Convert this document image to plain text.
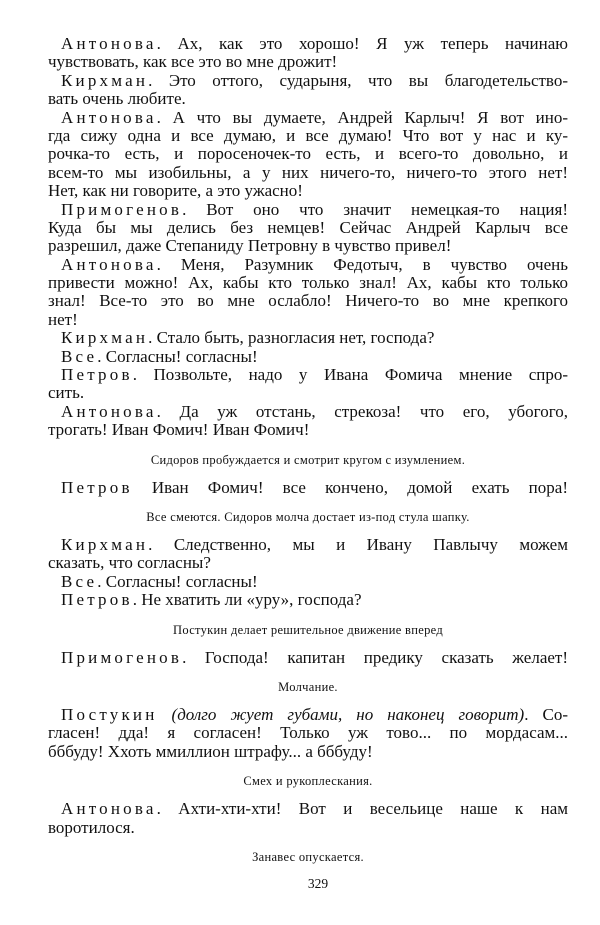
Антонова. Ах, как это хорошо! Я уж теперь начинаю
чувствовать, как все это во мне дрожит!
Кирхман. Это оттого, сударыня, что вы благодетельство-
вать очень любите.
Антонова. А что вы думаете, Андрей Карлыч! Я вот ино-
гда сижу одна и все думаю, и все думаю! Что вот у нас и ку-
рочка-то есть, и поросеночек-то есть, и всего-то довольно, и
всем-то мы изобильны, а у них ничего-то, ничего-то этого нет!
Нет, как ни говорите, а это ужасно!
Примогенов. Вот оно что значит немецкая-то нация!
Куда бы мы делись без немцев! Сейчас Андрей Карлыч все
разрешил, даже Степаниду Петровну в чувство привел!
Антонова. Меня, Разумник Федотыч, в чувство очень
привести можно! Ах, кабы кто только знал! Ах, кабы кто только
знал! Все-то это во мне ослабло! Ничего-то во мне крепкого
нет!
Кирхман. Стало быть, разногласия нет, господа?
Все. Согласны! согласны!
Петров. Позвольте, надо у Ивана Фомича мнение спро-
сить.
Антонова. Да уж отстань, стрекоза! что его, убогого,
трогать! Иван Фомич! Иван Фомич!
Сидоров пробуждается и смотрит кругом с изумлением.
Петров Иван Фомич! все кончено, домой ехать пора!
Все смеются. Сидоров молча достает из-под стула шапку.
Кирхман. Следственно, мы и Ивану Павлычу можем
сказать, что согласны?
Все. Согласны! согласны!
Петров. Не хватить ли «уру», господа?
Постукин делает решительное движение вперед
Примогенов. Господа! капитан предику сказать желает!
Молчание.
Постукин (долго жует губами, но наконец говорит). Со-
гласен! дда! я согласен! Только уж тово... по мордасам...
бббуду! Ххоть ммиллион штрафу... а бббуду!
Смех и рукоплескания.
Антонова. Ахти-хти-хти! Вот и весельице наше к нам
воротилося.
Занавес опускается.
329
